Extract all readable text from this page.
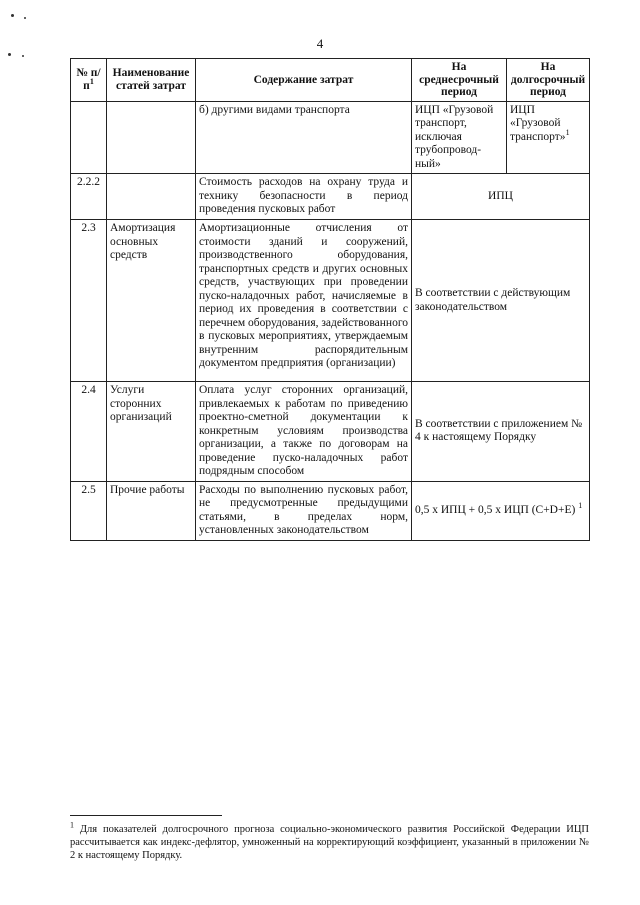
4
№ $п/п^1$	Наименование статей затрат	Содержание затрат	На среднесрочный период	На долгосрочный период
		б) другими видами транспорта	ИЦП «Грузовой транспорт, исключая трубопровод-ный»	ИЦП «Грузовой транспорт»$^1$
2.2.2		Стоимость расходов на охрану труда и технику безопасности в период проведения пусковых работ	ИПЦ	
2.3	Амортизация основных средств	Амортизационные отчисления от стоимости зданий и сооружений, производственного оборудования, транспортных средств и других основных средств, участвующих при проведении пуско-наладочных работ, начисляемые в период их проведения в соответствии с перечнем оборудования, задействованного в пусковых мероприятиях, утверждаемым внутренним распорядительным документом предприятия (организации)	В соответствии с действующим законодательством	
2.4	Услуги сторонних организаций	Оплата услуг сторонних организаций, привлекаемых к работам по приведению проектно-сметной документации к конкретным условиям производства организации, а также по договорам на проведение пуско-наладочных работ подрядным способом	В соответствии с приложением № 4 к настоящему Порядку	
2.5	Прочие работы	Расходы по выполнению пусковых работ, не предусмотренные предыдущими статьями, в пределах норм, установленных законодательством	0,5 х ИПЦ + 0,5 х ИЦП (С+D+E) $^1$
$^1$ Для показателей долгосрочного прогноза социально-экономического развития Российской Федерации ИЦП рассчитывается как индекс-дефлятор, умноженный на корректирующий коэффициент, указанный в приложении № 2 к настоящему Порядку.
